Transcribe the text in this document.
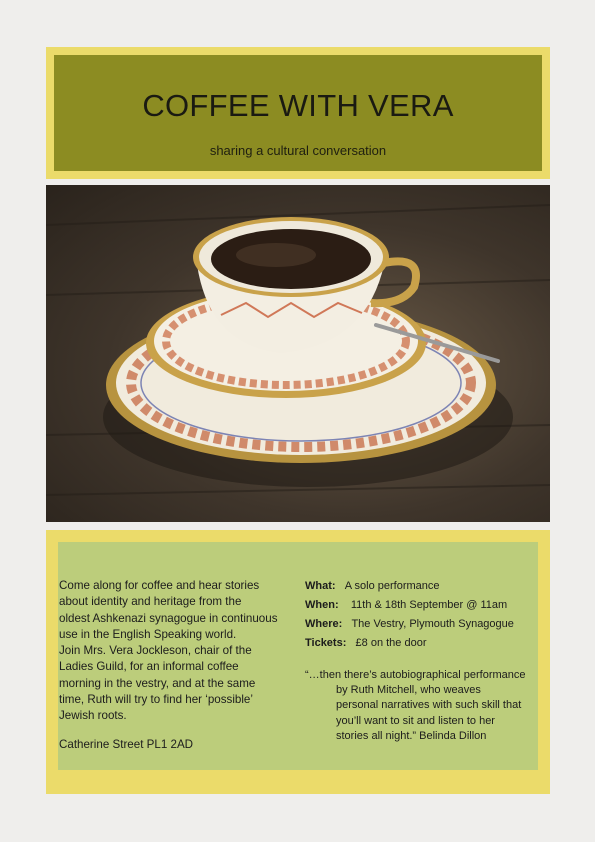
COFFEE WITH VERA
sharing a cultural conversation
Come along for coffee and hear stories
about identity and heritage from the
oldest Ashkenazi synagogue in continuous
use in the English Speaking world.
Join Mrs. Vera Jockleson, chair of the
Ladies Guild, for an informal coffee
morning in the vestry, and at the same
time, Ruth will try to find her ‘possible’
Jewish roots.
Catherine Street PL1 2AD
What: A solo performance
When: 11th & 18th September @ 11am
Where: The Vestry, Plymouth Synagogue
Tickets: £8 on the door
“…then there’s autobiographical performance
by Ruth Mitchell, who weaves
personal narratives with such skill that
you’ll want to sit and listen to her
stories all night.” Belinda Dillon
